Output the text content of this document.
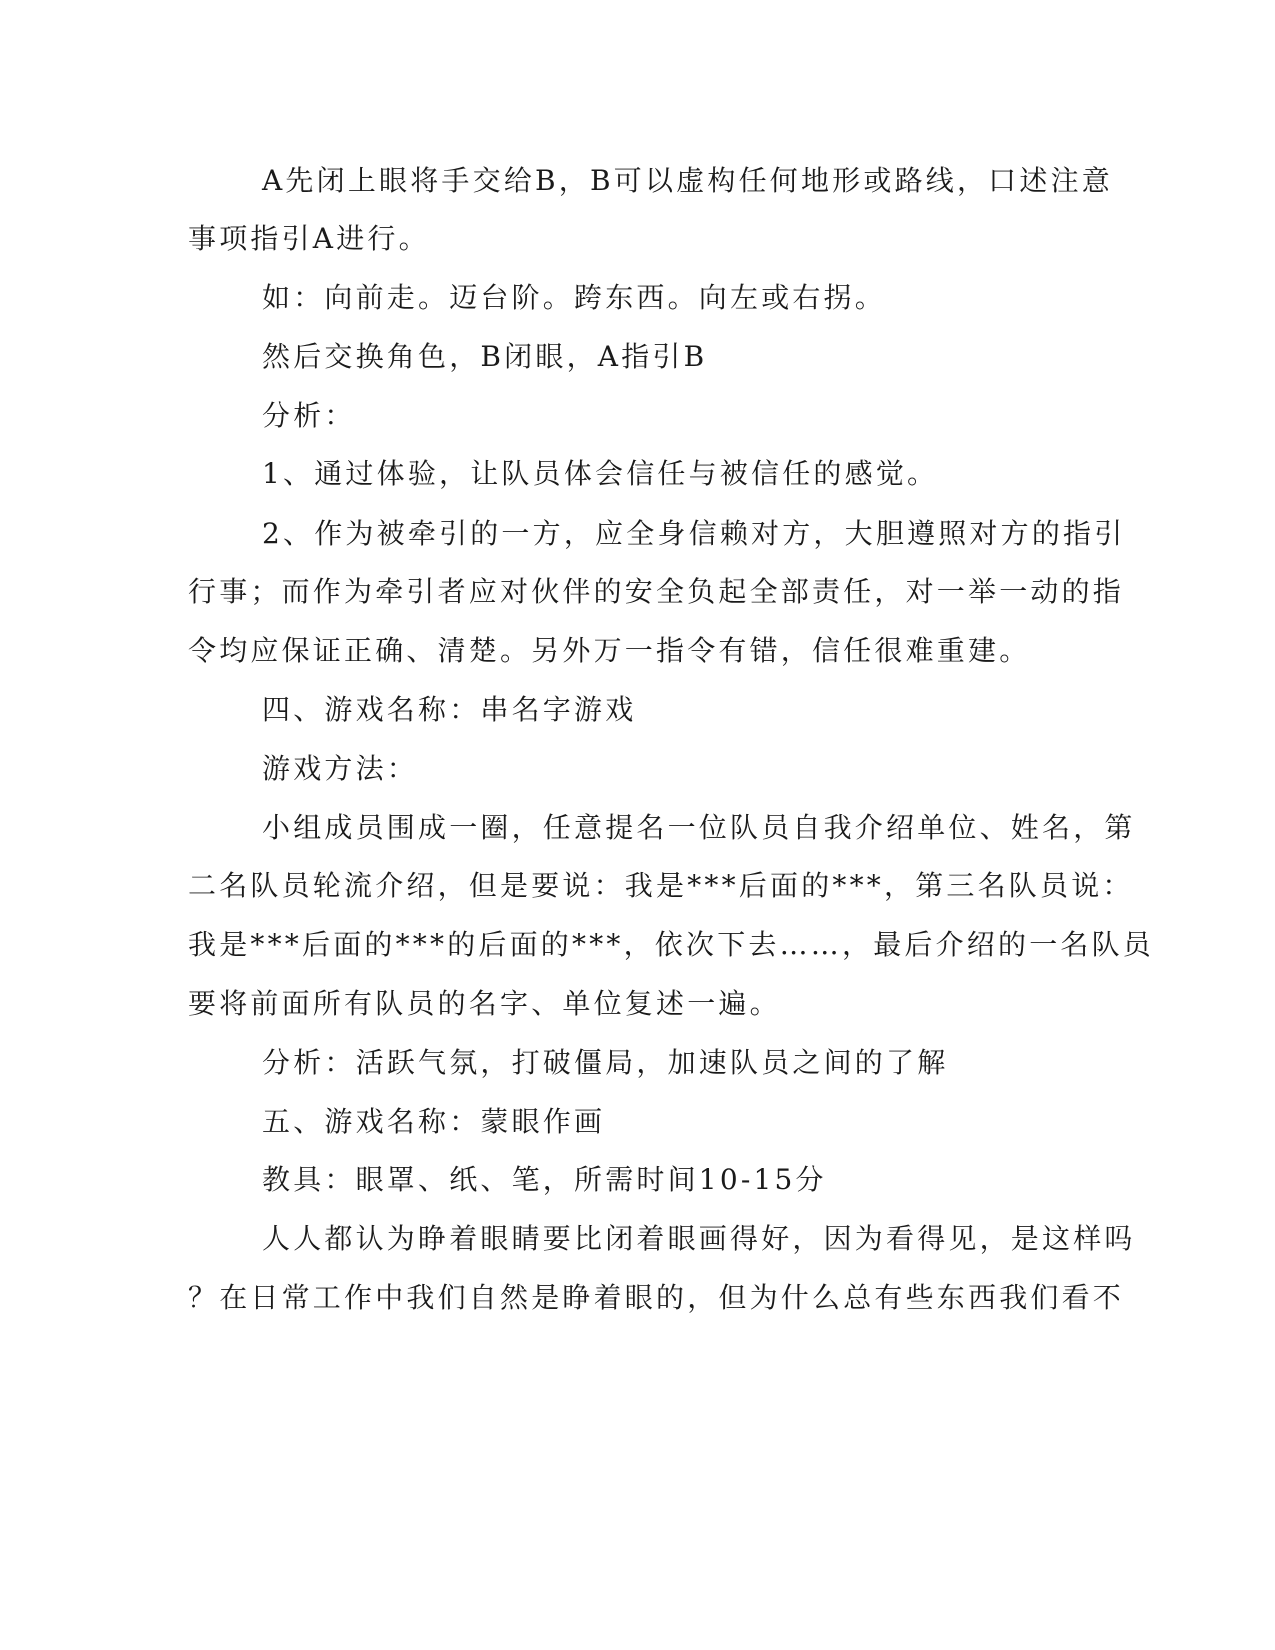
A先闭上眼将手交给B，B可以虚构任何地形或路线，口述注意
事项指引A进行。
如：向前走。迈台阶。跨东西。向左或右拐。
然后交换角色，B闭眼，A指引B
分析：
1、通过体验，让队员体会信任与被信任的感觉。
2、作为被牵引的一方，应全身信赖对方，大胆遵照对方的指引
行事；而作为牵引者应对伙伴的安全负起全部责任，对一举一动的指
令均应保证正确、清楚。另外万一指令有错，信任很难重建。
四、游戏名称：串名字游戏
游戏方法：
小组成员围成一圈，任意提名一位队员自我介绍单位、姓名，第
二名队员轮流介绍，但是要说：我是***后面的***，第三名队员说：
我是***后面的***的后面的***，依次下去……，最后介绍的一名队员
要将前面所有队员的名字、单位复述一遍。
分析：活跃气氛，打破僵局，加速队员之间的了解
五、游戏名称：蒙眼作画
教具：眼罩、纸、笔，所需时间10-15分
人人都认为睁着眼睛要比闭着眼画得好，因为看得见，是这样吗
？在日常工作中我们自然是睁着眼的，但为什么总有些东西我们看不
